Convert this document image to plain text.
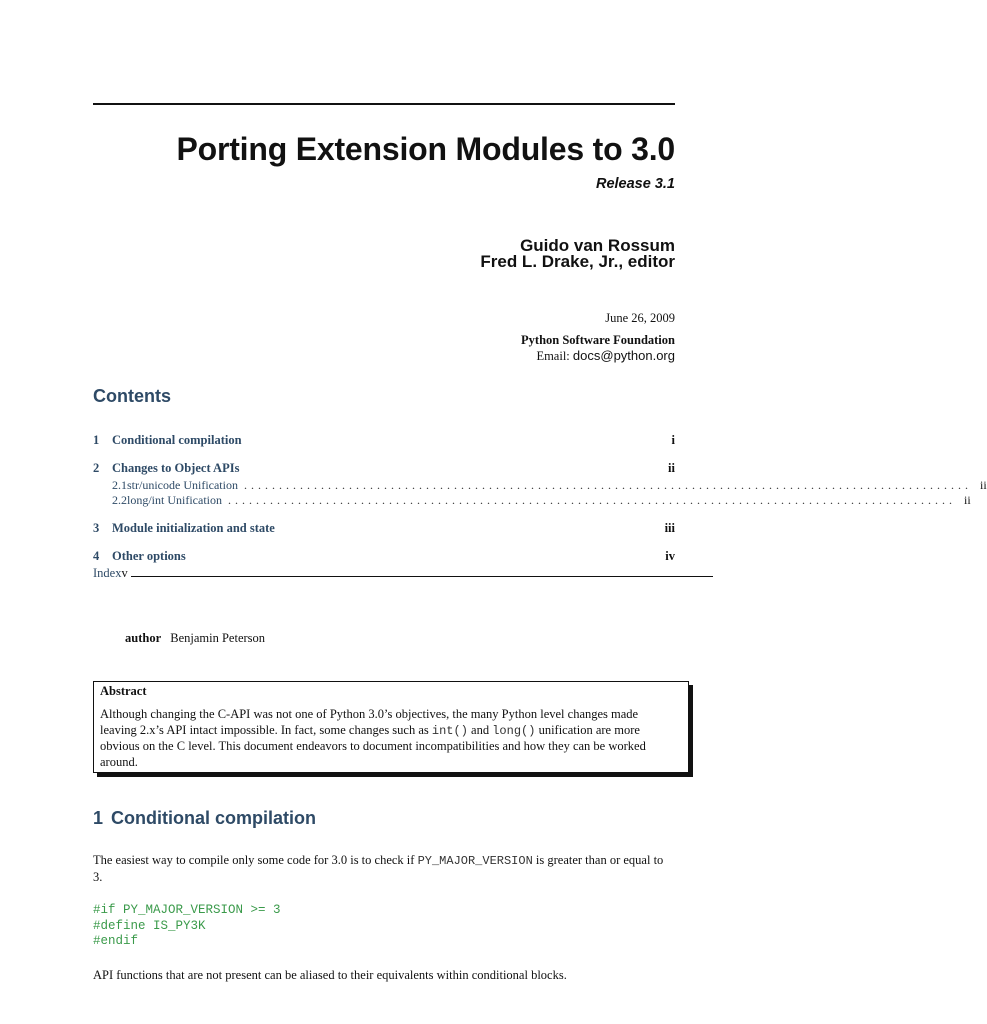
Porting Extension Modules to 3.0
Release 3.1
Guido van Rossum
Fred L. Drake, Jr., editor
June 26, 2009
Python Software Foundation
Email: docs@python.org
Contents
1	Conditional compilation	i
2	Changes to Object APIs	ii
2.1 str/unicode Unification ........................................................................................................ ii
2.2 long/int Unification ........................................................................................................ ii
3	Module initialization and state	iii
4	Other options	iv
Index v
author Benjamin Peterson
Abstract
Although changing the C-API was not one of Python 3.0’s objectives, the many Python level changes made leaving 2.x’s API intact impossible. In fact, some changes such as int() and long() unification are more obvious on the C level. This document endeavors to document incompatibilities and how they can be worked around.
1 Conditional compilation
The easiest way to compile only some code for 3.0 is to check if PY_MAJOR_VERSION is greater than or equal to 3.
#if PY_MAJOR_VERSION >= 3
#define IS_PY3K
#endif
API functions that are not present can be aliased to their equivalents within conditional blocks.
